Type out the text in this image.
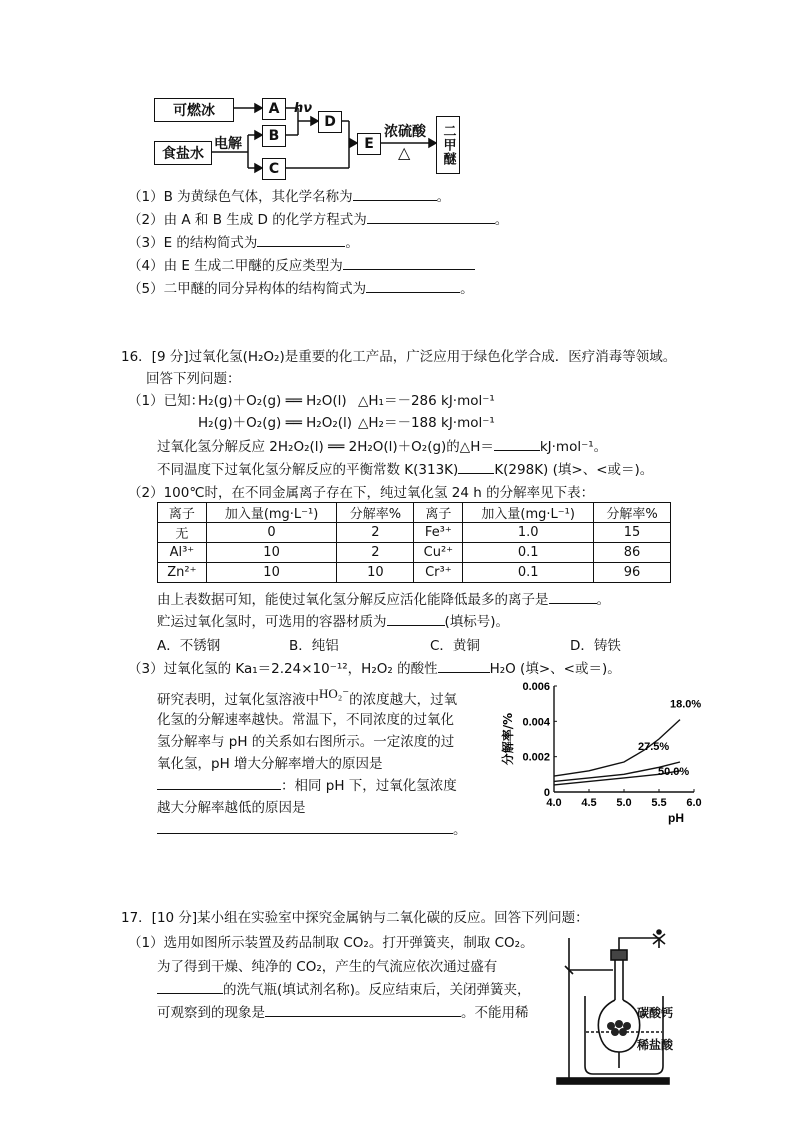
可燃冰
食盐水
电解
A
B
C
hν
D
E
浓硫酸
△	二甲醚
（1）B 为黄绿色气体，其化学名称为	。
（2）由 A 和 B 生成 D 的化学方程式为	。
（3）E 的结构简式为	。
（4）由 E 生成二甲醚的反应类型为
（5）二甲醚的同分异构体的结构简式为	。
16．[9 分]过氧化氢(H₂O₂)是重要的化工产品，广泛应用于绿色化学合成．医疗消毒等领域。
回答下列问题：
（1）已知：
H₂(g)＋O₂(g) ══ H₂O(l) △H₁＝－286 kJ·mol⁻¹
H₂(g)＋O₂(g) ══ H₂O₂(l) △H₂＝－188 kJ·mol⁻¹
过氧化氢分解反应 2H₂O₂(l) ══ 2H₂O(l)＋O₂(g)的△H＝	kJ·mol⁻¹。
不同温度下过氧化氢分解反应的平衡常数 K(313K)	K(298K) (填>、<或＝)。
（2）100℃时，在不同金属离子存在下，纯过氧化氢 24 h 的分解率见下表：
离子	加入量(mg·L⁻¹)	分解率%	离子	加入量(mg·L⁻¹)	分解率%
无	0	2	Fe³⁺	1.0	15
Al³⁺	10	2	Cu²⁺	0.1	86
Zn²⁺	10	10	Cr³⁺	0.1	96
由上表数据可知，能使过氧化氢分解反应活化能降低最多的离子是	。
贮运过氧化氢时，可选用的容器材质为	(填标号)。
A．不锈钢	B．纯铝	C．黄铜	D．铸铁
（3）过氧化氢的 Ka₁＝2.24×10⁻¹²，H₂O₂ 的酸性	H₂O (填>、<或＝)。
研究表明，过氧化氢溶液中HO₂⁻的浓度越大，过氧
化氢的分解速率越快。常温下，不同浓度的过氧化
氢分解率与 pH 的关系如右图所示。一定浓度的过
氧化氢，pH 增大分解率增大的原因是
：相同 pH 下，过氧化氢浓度
越大分解率越低的原因是
。
4.0 4.5 5.0 5.5 6.0
0
0.002
0.004
0.006
pH
分解率/%
18.0%
27.5%
50.0%
17．[10 分]某小组在实验室中探究金属钠与二氧化碳的反应。回答下列问题：
（1）选用如图所示装置及药品制取 CO₂。打开弹簧夹，制取 CO₂。
为了得到干燥、纯净的 CO₂，产生的气流应依次通过盛有
的洗气瓶(填试剂名称)。反应结束后，关闭弹簧夹，
可观察到的现象是	。不能用稀	碳酸钙
稀盐酸
